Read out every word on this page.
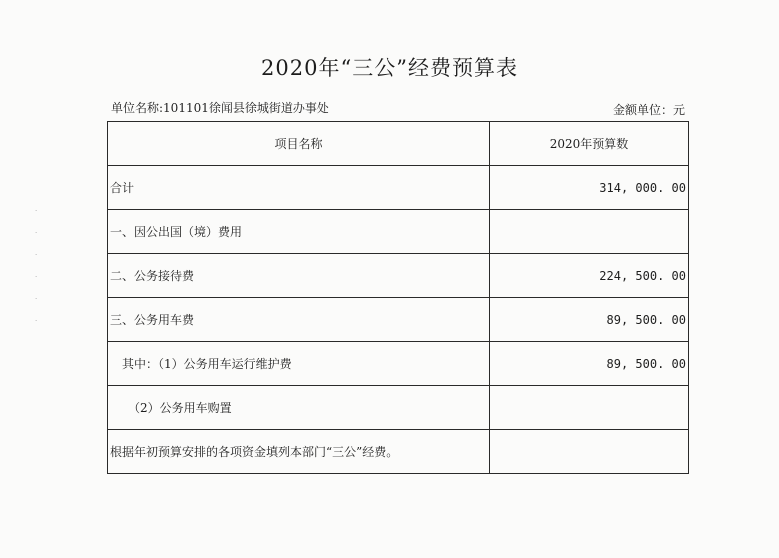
·
·
·
·
·
·
2020年“三公”经费预算表
单位名称:101101徐闻县徐城街道办事处	金额单位：元
项目名称	2020年预算数
合计	314, 000. 00
一、因公出国（境）费用	
二、公务接待费	224, 500. 00
三、公务用车费	89, 500. 00
其中：（1）公务用车运行维护费	89, 500. 00
（2）公务用车购置	
根据年初预算安排的各项资金填列本部门“三公”经费。	
